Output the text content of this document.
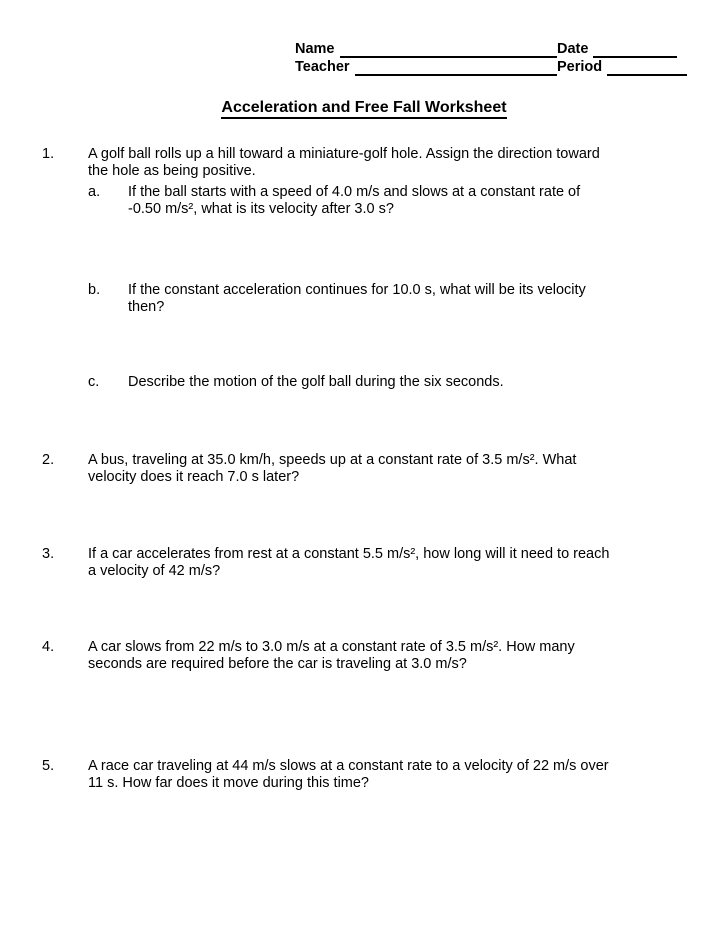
Name	Date
Teacher	Period
Acceleration and Free Fall Worksheet
1.	A golf ball rolls up a hill toward a miniature-golf hole. Assign the direction toward
the hole as being positive.
a.	If the ball starts with a speed of 4.0 m/s and slows at a constant rate of
-0.50 m/s², what is its velocity after 3.0 s?
b.	If the constant acceleration continues for 10.0 s, what will be its velocity
then?
c.	Describe the motion of the golf ball during the six seconds.
2.	A bus, traveling at 35.0 km/h, speeds up at a constant rate of 3.5 m/s². What
velocity does it reach 7.0 s later?
3.	If a car accelerates from rest at a constant 5.5 m/s², how long will it need to reach
a velocity of 42 m/s?
4.	A car slows from 22 m/s to 3.0 m/s at a constant rate of 3.5 m/s². How many
seconds are required before the car is traveling at 3.0 m/s?
5.	A race car traveling at 44 m/s slows at a constant rate to a velocity of 22 m/s over
11 s. How far does it move during this time?
